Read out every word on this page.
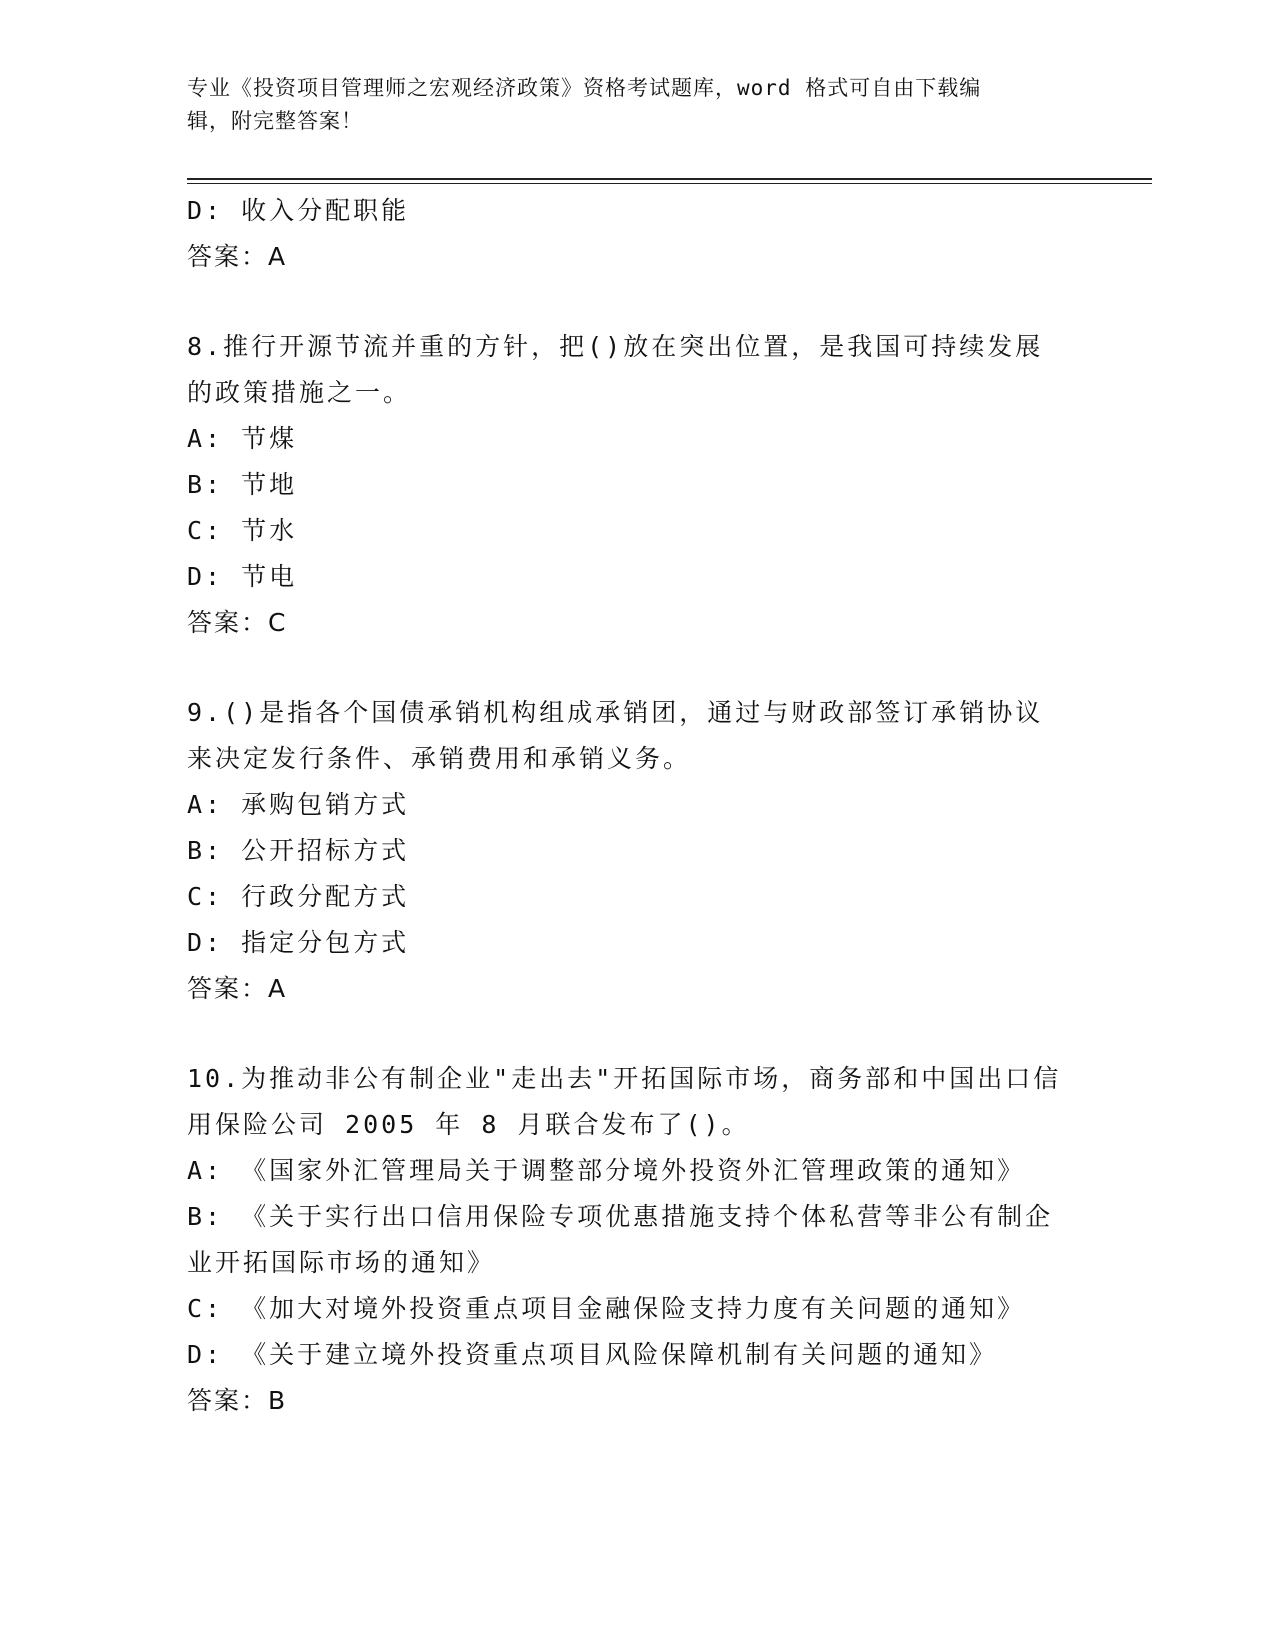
专业《投资项目管理师之宏观经济政策》资格考试题库，word 格式可自由下载编
辑，附完整答案！
D: 收入分配职能
答案：A
8.推行开源节流并重的方针，把()放在突出位置，是我国可持续发展
的政策措施之一。
A: 节煤
B: 节地
C: 节水
D: 节电
答案：C
9.()是指各个国债承销机构组成承销团，通过与财政部签订承销协议
来决定发行条件、承销费用和承销义务。
A: 承购包销方式
B: 公开招标方式
C: 行政分配方式
D: 指定分包方式
答案：A
10.为推动非公有制企业"走出去"开拓国际市场，商务部和中国出口信
用保险公司 2005 年 8 月联合发布了()。
A: 《国家外汇管理局关于调整部分境外投资外汇管理政策的通知》
B: 《关于实行出口信用保险专项优惠措施支持个体私营等非公有制企
业开拓国际市场的通知》
C: 《加大对境外投资重点项目金融保险支持力度有关问题的通知》
D: 《关于建立境外投资重点项目风险保障机制有关问题的通知》
答案：B
